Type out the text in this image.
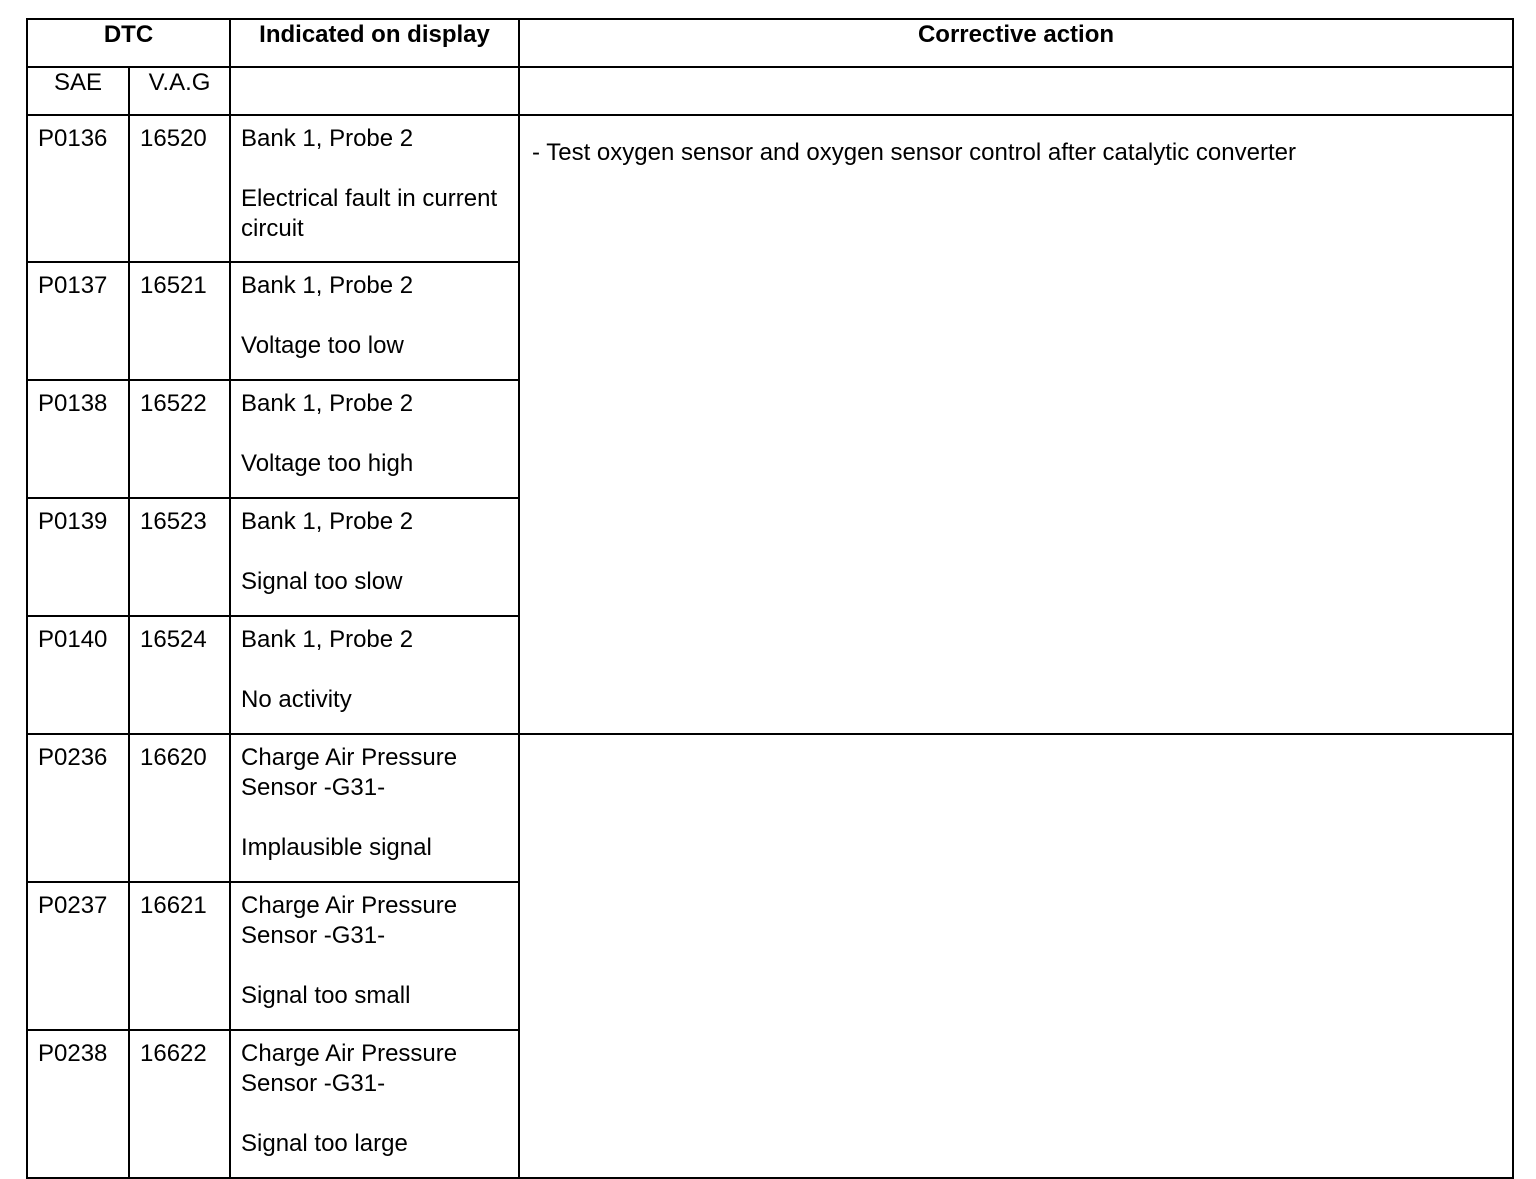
DTC		Indicated on display	Corrective action
SAE	V.A.G		
P0136	16520	Bank 1, Probe 2
Electrical fault in current circuit	- Test oxygen sensor and oxygen sensor control after catalytic converter
P0137	16521	Bank 1, Probe 2
Voltage too low	

P0138	16522	Bank 1, Probe 2
Voltage too high	

P0139	16523	Bank 1, Probe 2
Signal too slow	

P0140	16524	Bank 1, Probe 2
No activity	

P0236	16620	Charge Air Pressure Sensor -G31-
Implausible signal	

P0237	16621	Charge Air Pressure Sensor -G31-
Signal too small	

P0238	16622	Charge Air Pressure Sensor -G31-
Signal too large	
